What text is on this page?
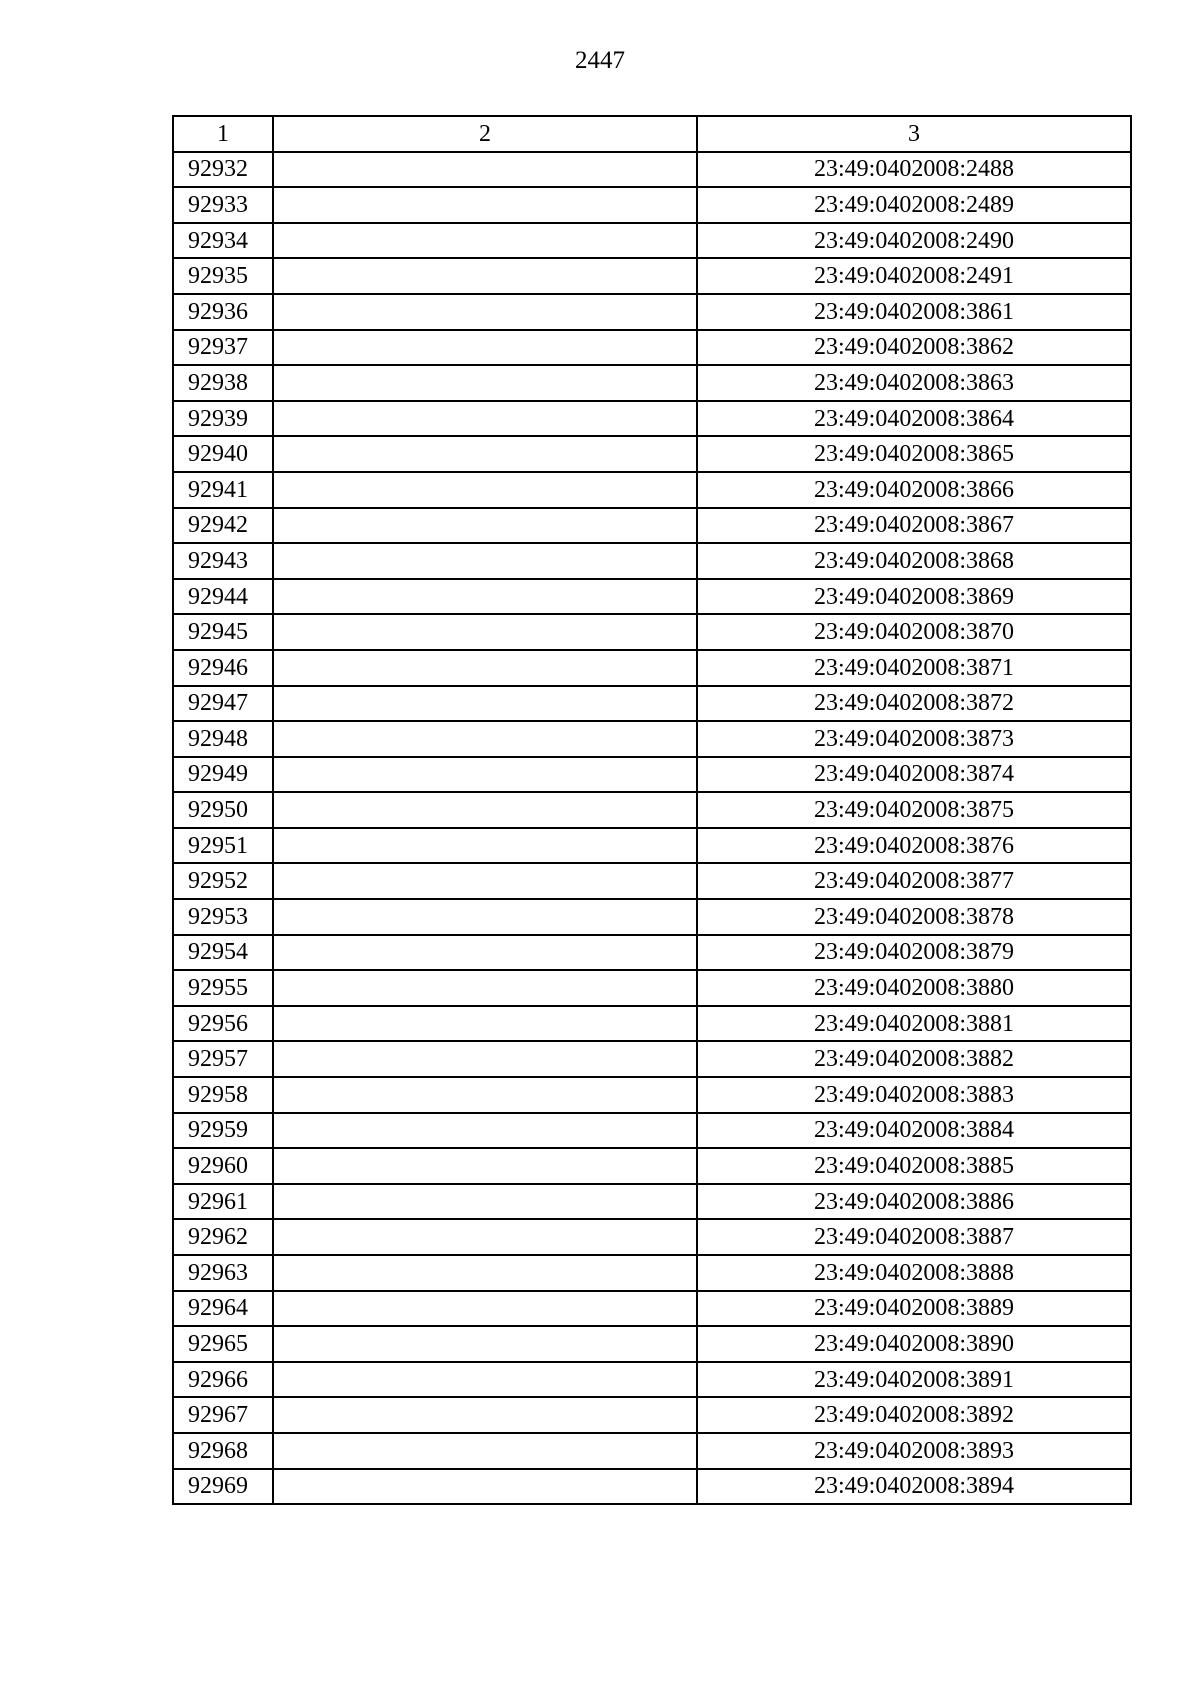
2447
1	2	3
92932		23:49:0402008:2488
92933		23:49:0402008:2489
92934		23:49:0402008:2490
92935		23:49:0402008:2491
92936		23:49:0402008:3861
92937		23:49:0402008:3862
92938		23:49:0402008:3863
92939		23:49:0402008:3864
92940		23:49:0402008:3865
92941		23:49:0402008:3866
92942		23:49:0402008:3867
92943		23:49:0402008:3868
92944		23:49:0402008:3869
92945		23:49:0402008:3870
92946		23:49:0402008:3871
92947		23:49:0402008:3872
92948		23:49:0402008:3873
92949		23:49:0402008:3874
92950		23:49:0402008:3875
92951		23:49:0402008:3876
92952		23:49:0402008:3877
92953		23:49:0402008:3878
92954		23:49:0402008:3879
92955		23:49:0402008:3880
92956		23:49:0402008:3881
92957		23:49:0402008:3882
92958		23:49:0402008:3883
92959		23:49:0402008:3884
92960		23:49:0402008:3885
92961		23:49:0402008:3886
92962		23:49:0402008:3887
92963		23:49:0402008:3888
92964		23:49:0402008:3889
92965		23:49:0402008:3890
92966		23:49:0402008:3891
92967		23:49:0402008:3892
92968		23:49:0402008:3893
92969		23:49:0402008:3894
